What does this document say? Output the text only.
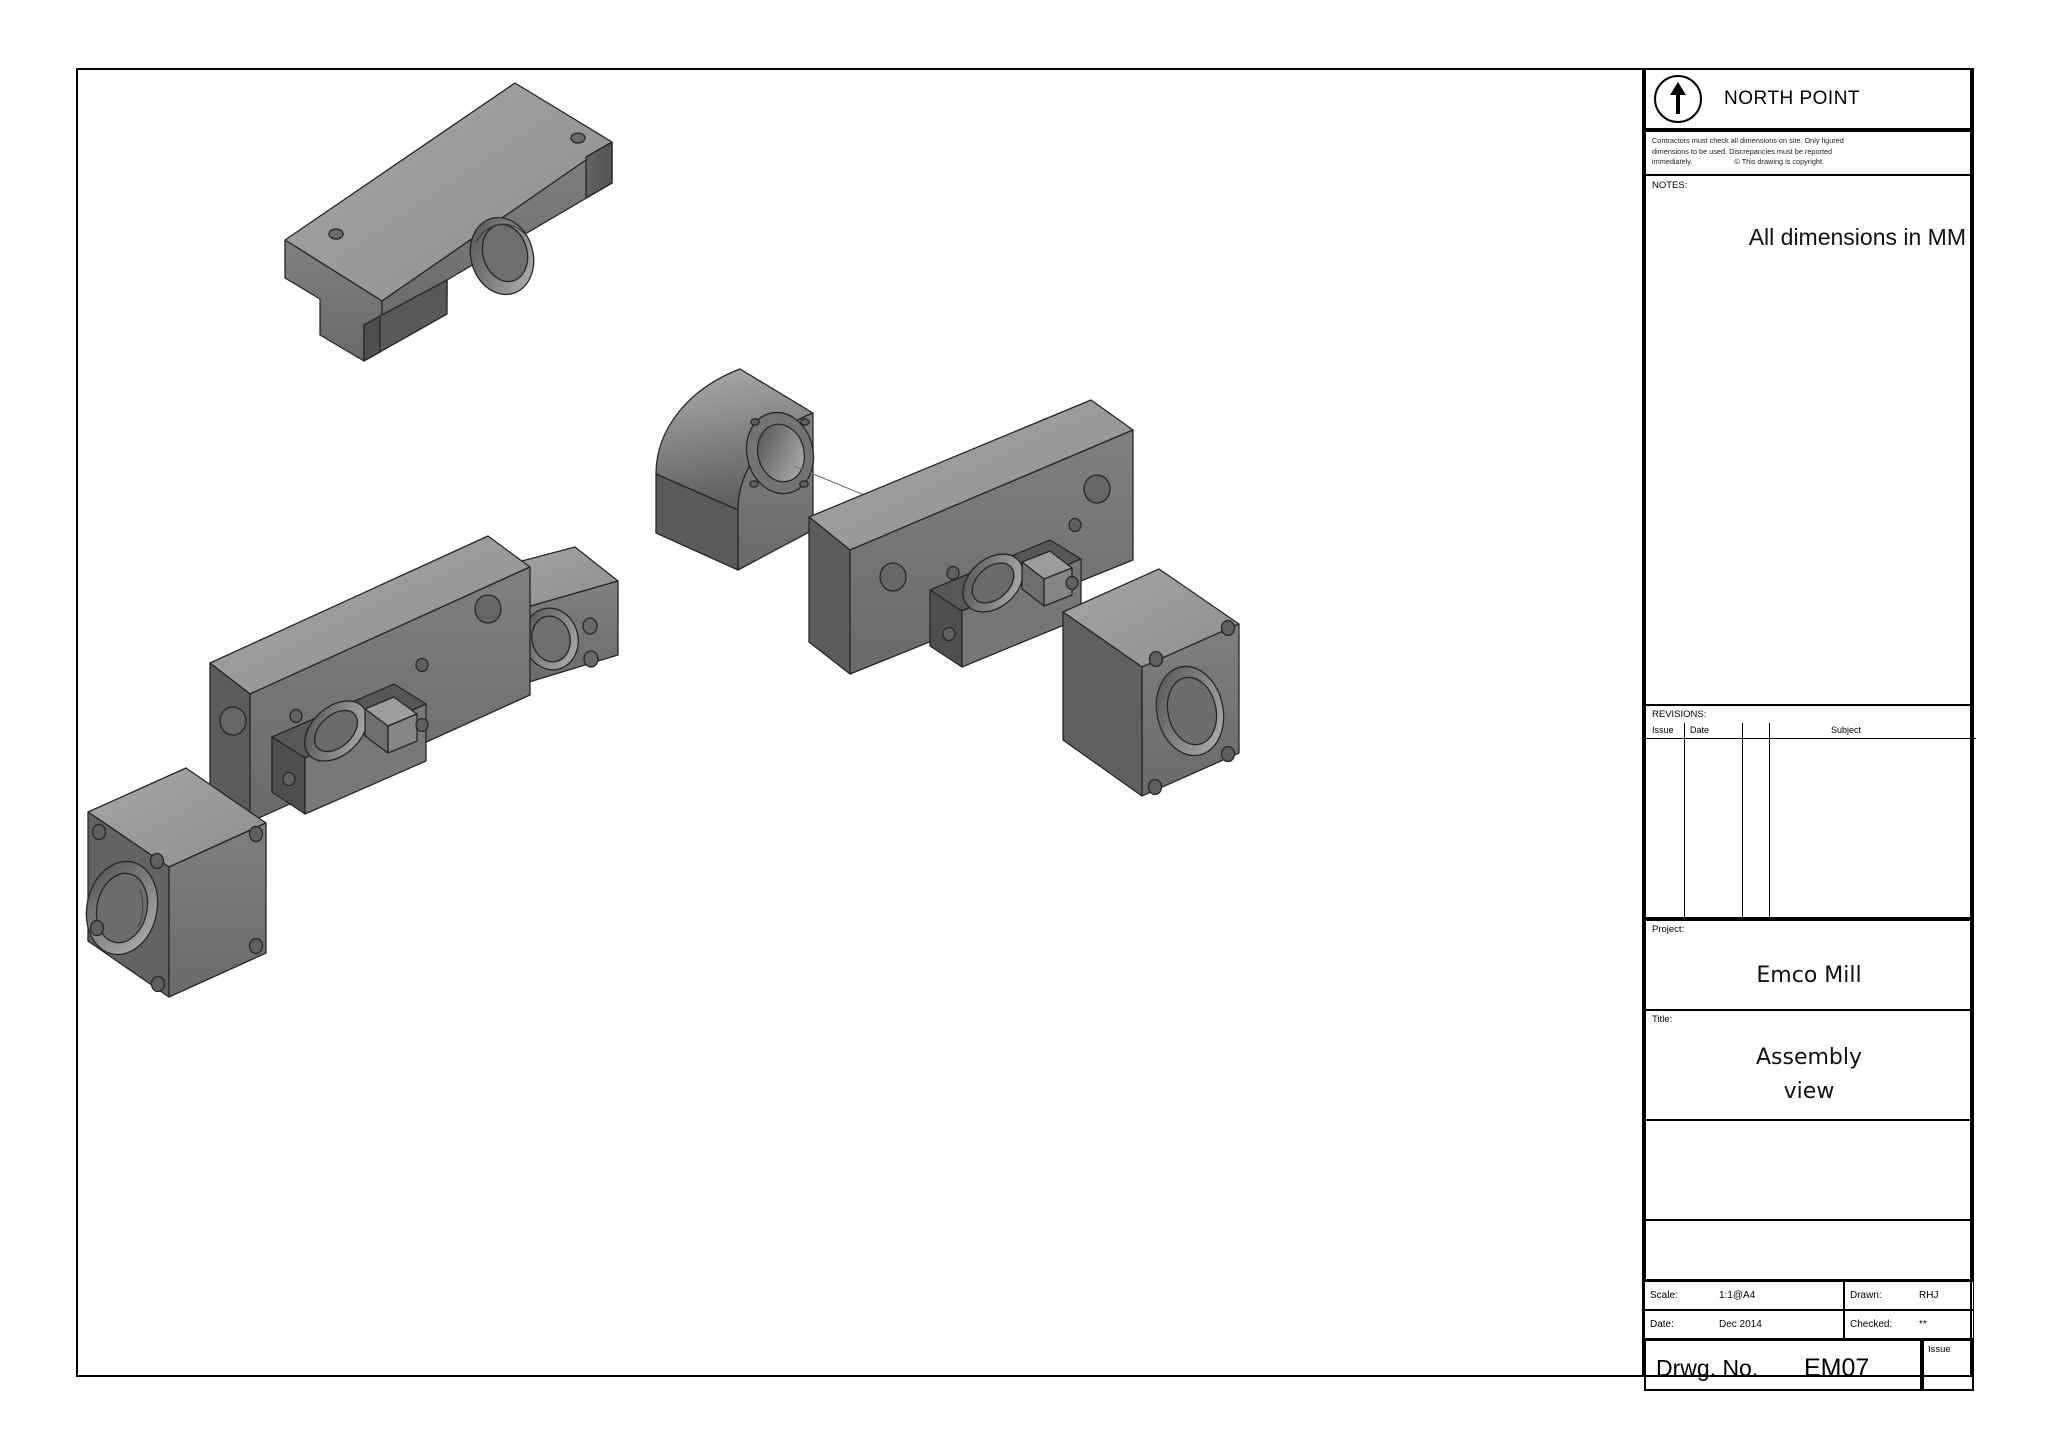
NORTH POINT
Contractors must check all dimensions on site. Only figured
dimensions to be used. Discrepancies must be reported
immediately.	© This drawing is copyright.
NOTES:
All dimensions in MM
REVISIONS:
Issue Date	Subject
Project:
Emco Mill
Title:
Assembly
view
Scale:	1:1@A4	Drawn:	RHJ
Date:	Dec 2014	Checked:	**
Drwg. No. EM07
Issue
